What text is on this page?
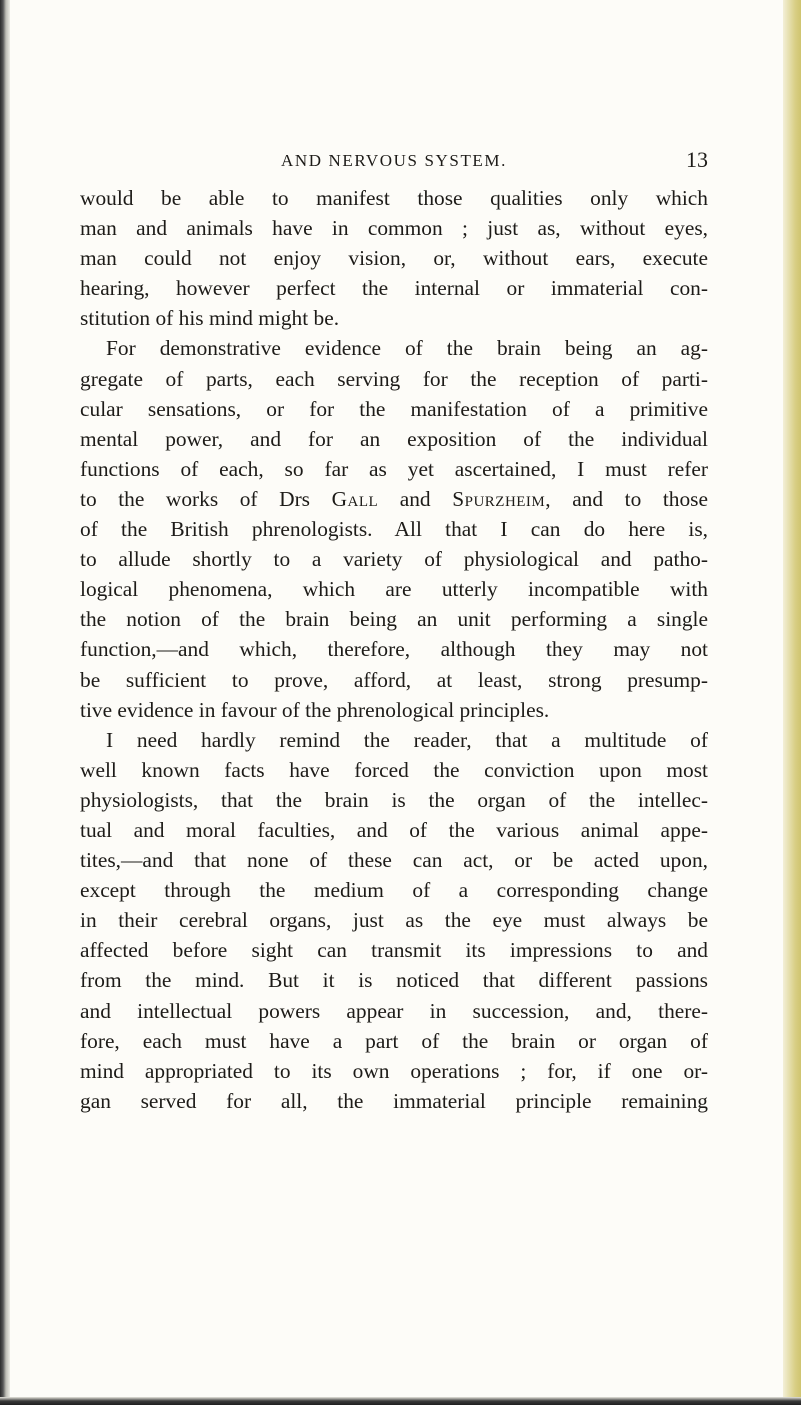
AND NERVOUS SYSTEM.	13
would be able to manifest those qualities only which
man and animals have in common ; just as, without eyes,
man could not enjoy vision, or, without ears, execute
hearing, however perfect the internal or immaterial con-
stitution of his mind might be.
For demonstrative evidence of the brain being an ag-
gregate of parts, each serving for the reception of parti-
cular sensations, or for the manifestation of a primitive
mental power, and for an exposition of the individual
functions of each, so far as yet ascertained, I must refer
to the works of Drs Gall and Spurzheim, and to those
of the British phrenologists. All that I can do here is,
to allude shortly to a variety of physiological and patho-
logical phenomena, which are utterly incompatible with
the notion of the brain being an unit performing a single
function,—and which, therefore, although they may not
be sufficient to prove, afford, at least, strong presump-
tive evidence in favour of the phrenological principles.
I need hardly remind the reader, that a multitude of
well known facts have forced the conviction upon most
physiologists, that the brain is the organ of the intellec-
tual and moral faculties, and of the various animal appe-
tites,—and that none of these can act, or be acted upon,
except through the medium of a corresponding change
in their cerebral organs, just as the eye must always be
affected before sight can transmit its impressions to and
from the mind. But it is noticed that different passions
and intellectual powers appear in succession, and, there-
fore, each must have a part of the brain or organ of
mind appropriated to its own operations ; for, if one or-
gan served for all, the immaterial principle remaining
